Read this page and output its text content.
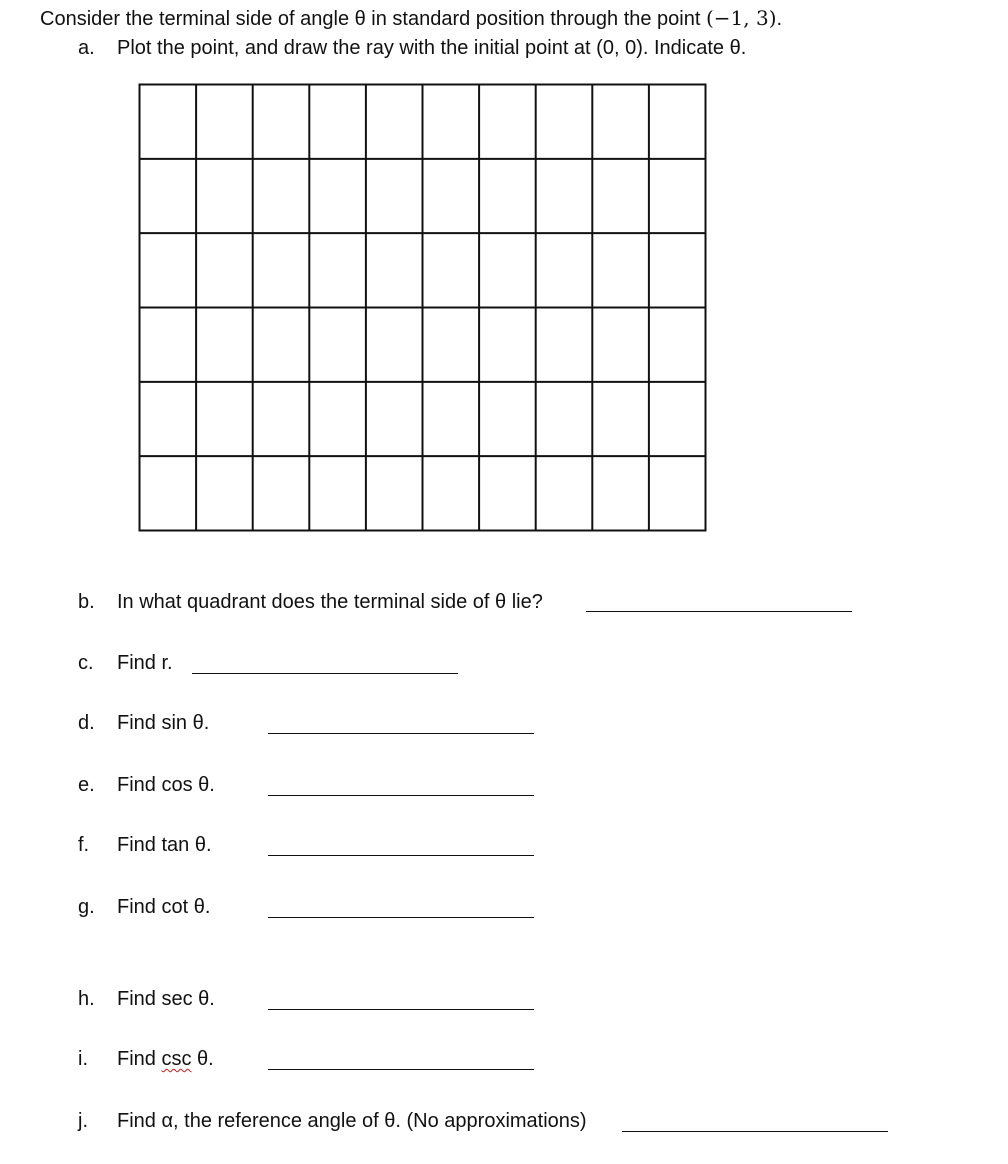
Consider the terminal side of angle θ in standard position through the point (−1, 3).
a. Plot the point, and draw the ray with the initial point at (0, 0). Indicate θ.
b. In what quadrant does the terminal side of θ lie?
c. Find r.
d. Find sin θ.
e. Find cos θ.
f. Find tan θ.
g. Find cot θ.
h. Find sec θ.
i. Find csc θ.
j. Find α, the reference angle of θ. (No approximations)
